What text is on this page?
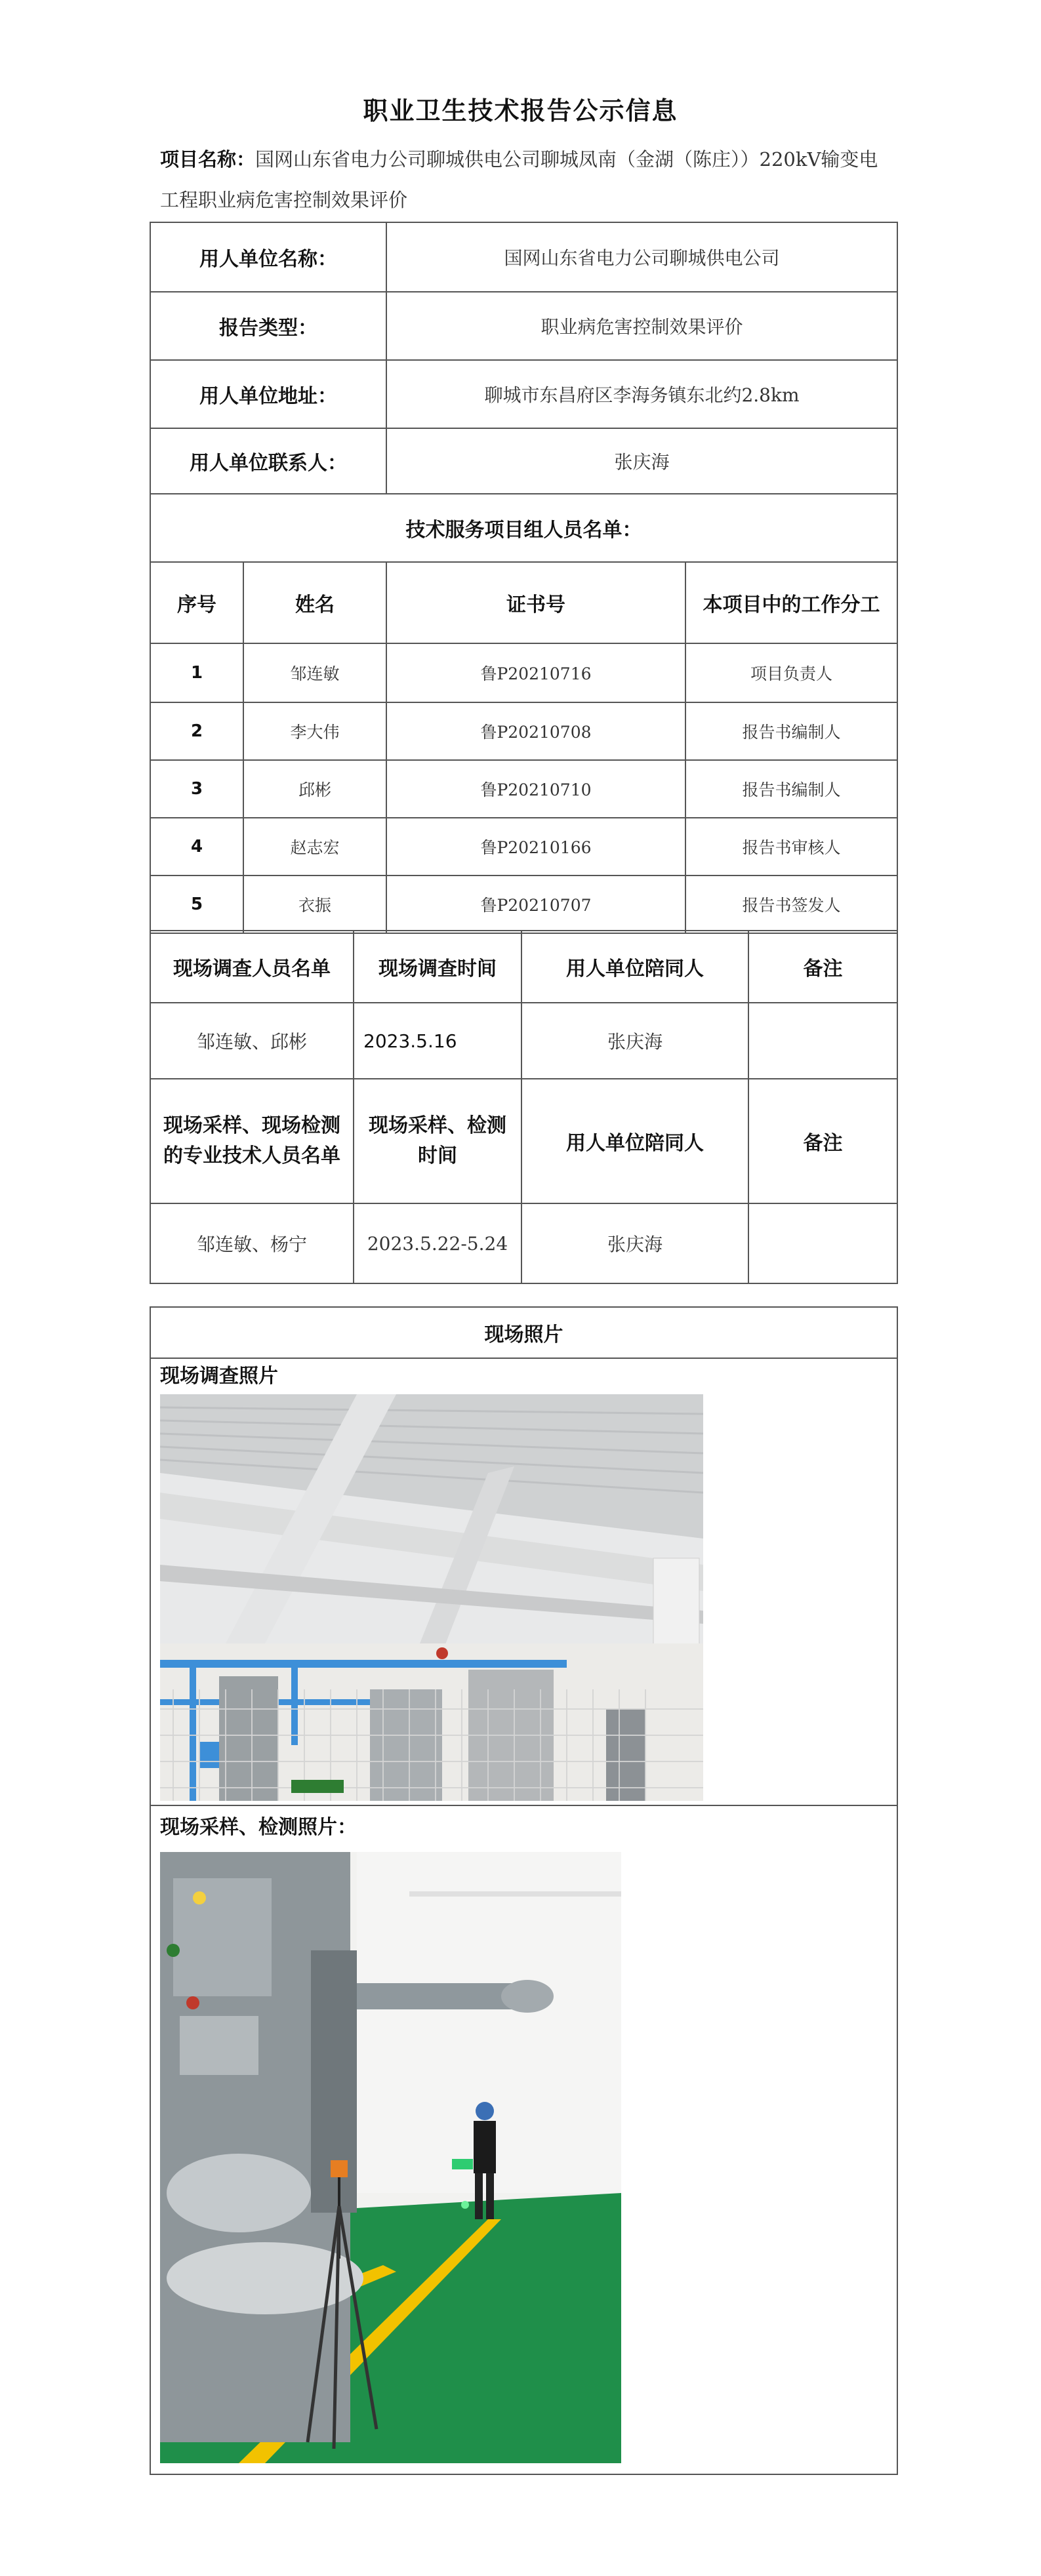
职业卫生技术报告公示信息
项目名称：国网山东省电力公司聊城供电公司聊城凤南（金湖（陈庄））220kV输变电工程职业病危害控制效果评价
用人单位名称：		国网山东省电力公司聊城供电公司	
报告类型：		职业病危害控制效果评价	
用人单位地址：		聊城市东昌府区李海务镇东北约2.8km	
用人单位联系人：		张庆海	
技术服务项目组人员名单：			
序号	姓名	证书号	本项目中的工作分工
1	邹连敏	鲁P20210716	项目负责人
2	李大伟	鲁P20210708	报告书编制人
3	邱彬	鲁P20210710	报告书编制人
4	赵志宏	鲁P20210166	报告书审核人
5	衣振	鲁P20210707	报告书签发人
现场调查人员名单	现场调查时间	用人单位陪同人	备注
邹连敏、邱彬	2023.5.16	张庆海	
现场采样、现场检测的专业技术人员名单	现场采样、检测时间	用人单位陪同人	备注
邹连敏、杨宁	2023.5.22-5.24	张庆海	
现场照片

现场调查照片

现场采样、检测照片：
